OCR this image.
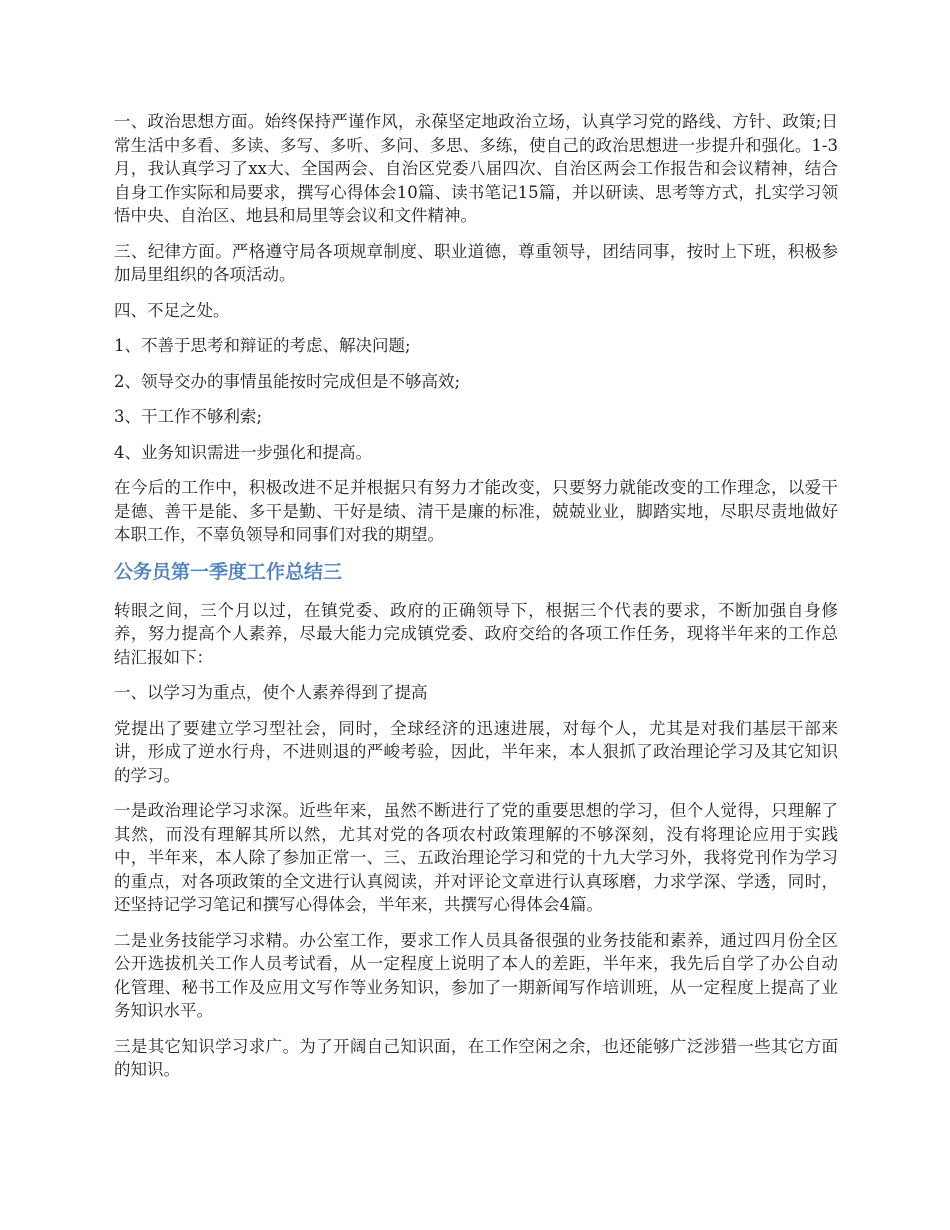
一、政治思想方面。始终保持严谨作风，永葆坚定地政治立场，认真学习党的路线、方针、政策;日常生活中多看、多读、多写、多听、多问、多思、多练，使自己的政治思想进一步提升和强化。1-3月，我认真学习了xx大、全国两会、自治区党委八届四次、自治区两会工作报告和会议精神，结合自身工作实际和局要求，撰写心得体会10篇、读书笔记15篇，并以研读、思考等方式，扎实学习领悟中央、自治区、地县和局里等会议和文件精神。

三、纪律方面。严格遵守局各项规章制度、职业道德，尊重领导，团结同事，按时上下班，积极参加局里组织的各项活动。

四、不足之处。

1、不善于思考和辩证的考虑、解决问题;

2、领导交办的事情虽能按时完成但是不够高效;

3、干工作不够利索;

4、业务知识需进一步强化和提高。

在今后的工作中，积极改进不足并根据只有努力才能改变，只要努力就能改变的工作理念，以爱干是德、善干是能、多干是勤、干好是绩、清干是廉的标准，兢兢业业，脚踏实地，尽职尽责地做好本职工作，不辜负领导和同事们对我的期望。

公务员第一季度工作总结三

转眼之间，三个月以过，在镇党委、政府的正确领导下，根据三个代表的要求，不断加强自身修养，努力提高个人素养，尽最大能力完成镇党委、政府交给的各项工作任务，现将半年来的工作总结汇报如下：

一、以学习为重点，使个人素养得到了提高

党提出了要建立学习型社会，同时，全球经济的迅速进展，对每个人，尤其是对我们基层干部来讲，形成了逆水行舟，不进则退的严峻考验，因此，半年来，本人狠抓了政治理论学习及其它知识的学习。

一是政治理论学习求深。近些年来，虽然不断进行了党的重要思想的学习，但个人觉得，只理解了其然，而没有理解其所以然，尤其对党的各项农村政策理解的不够深刻，没有将理论应用于实践中，半年来，本人除了参加正常一、三、五政治理论学习和党的十九大学习外，我将党刊作为学习的重点，对各项政策的全文进行认真阅读，并对评论文章进行认真琢磨，力求学深、学透，同时，还坚持记学习笔记和撰写心得体会，半年来，共撰写心得体会4篇。

二是业务技能学习求精。办公室工作，要求工作人员具备很强的业务技能和素养，通过四月份全区公开选拔机关工作人员考试看，从一定程度上说明了本人的差距，半年来，我先后自学了办公自动化管理、秘书工作及应用文写作等业务知识，参加了一期新闻写作培训班，从一定程度上提高了业务知识水平。

三是其它知识学习求广。为了开阔自己知识面，在工作空闲之余，也还能够广泛涉猎一些其它方面的知识。
